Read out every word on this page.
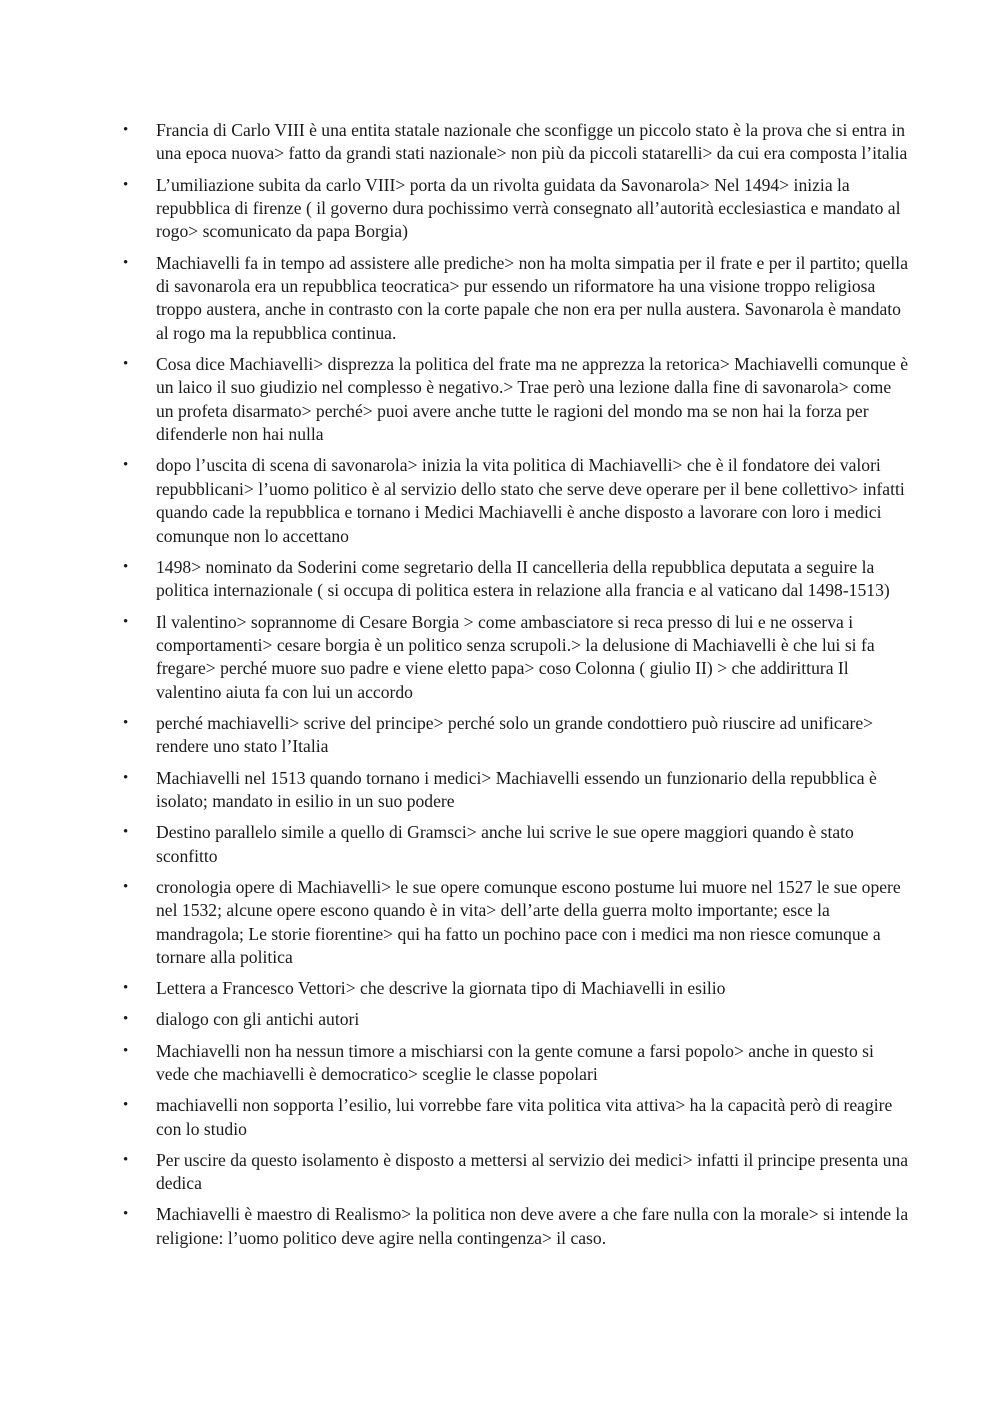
• Francia di Carlo VIII è una entita statale nazionale che sconfigge un piccolo stato è la prova che si entra in una epoca nuova> fatto da grandi stati nazionale> non più da piccoli statarelli> da cui era composta l’italia
• L’umiliazione subita da carlo VIII> porta da un rivolta guidata da Savonarola> Nel 1494> inizia la repubblica di firenze ( il governo dura pochissimo verrà consegnato all’autorità ecclesiastica e mandato al rogo> scomunicato da papa Borgia)
• Machiavelli fa in tempo ad assistere alle prediche> non ha molta simpatia per il frate e per il partito; quella di savonarola era un repubblica teocratica> pur essendo un riformatore ha una visione troppo religiosa troppo austera, anche in contrasto con la corte papale che non era per nulla austera. Savonarola è mandato al rogo ma la repubblica continua.
• Cosa dice Machiavelli> disprezza la politica del frate ma ne apprezza la retorica> Machiavelli comunque è un laico il suo giudizio nel complesso è negativo.> Trae però una lezione dalla fine di savonarola> come un profeta disarmato> perché> puoi avere anche tutte le ragioni del mondo ma se non hai la forza per difenderle non hai nulla
• dopo l’uscita di scena di savonarola> inizia la vita politica di Machiavelli> che è il fondatore dei valori repubblicani> l’uomo politico è al servizio dello stato che serve deve operare per il bene collettivo> infatti quando cade la repubblica e tornano i Medici Machiavelli è anche disposto a lavorare con loro i medici comunque non lo accettano
• 1498> nominato da Soderini come segretario della II cancelleria della repubblica deputata a seguire la politica internazionale ( si occupa di politica estera in relazione alla francia e al vaticano dal 1498-1513)
• Il valentino> soprannome di Cesare Borgia > come ambasciatore si reca presso di lui e ne osserva i comportamenti> cesare borgia è un politico senza scrupoli.> la delusione di Machiavelli è che lui si fa fregare> perché muore suo padre e viene eletto papa> coso Colonna ( giulio II) > che addirittura Il valentino aiuta fa con lui un accordo
• perché machiavelli> scrive del principe> perché solo un grande condottiero può riuscire ad unificare> rendere uno stato l’Italia
• Machiavelli nel 1513 quando tornano i medici> Machiavelli essendo un funzionario della repubblica è isolato; mandato in esilio in un suo podere
• Destino parallelo simile a quello di Gramsci> anche lui scrive le sue opere maggiori quando è stato sconfitto
• cronologia opere di Machiavelli> le sue opere comunque escono postume lui muore nel 1527 le sue opere nel 1532; alcune opere escono quando è in vita> dell’arte della guerra molto importante; esce la mandragola; Le storie fiorentine> qui ha fatto un pochino pace con i medici ma non riesce comunque a tornare alla politica
• Lettera a Francesco Vettori> che descrive la giornata tipo di Machiavelli in esilio
• dialogo con gli antichi autori
• Machiavelli non ha nessun timore a mischiarsi con la gente comune a farsi popolo> anche in questo si vede che machiavelli è democratico> sceglie le classe popolari
• machiavelli non sopporta l’esilio, lui vorrebbe fare vita politica vita attiva> ha la capacità però di reagire con lo studio
• Per uscire da questo isolamento è disposto a mettersi al servizio dei medici> infatti il principe presenta una dedica
• Machiavelli è maestro di Realismo> la politica non deve avere a che fare nulla con la morale> si intende la religione: l’uomo politico deve agire nella contingenza> il caso.
